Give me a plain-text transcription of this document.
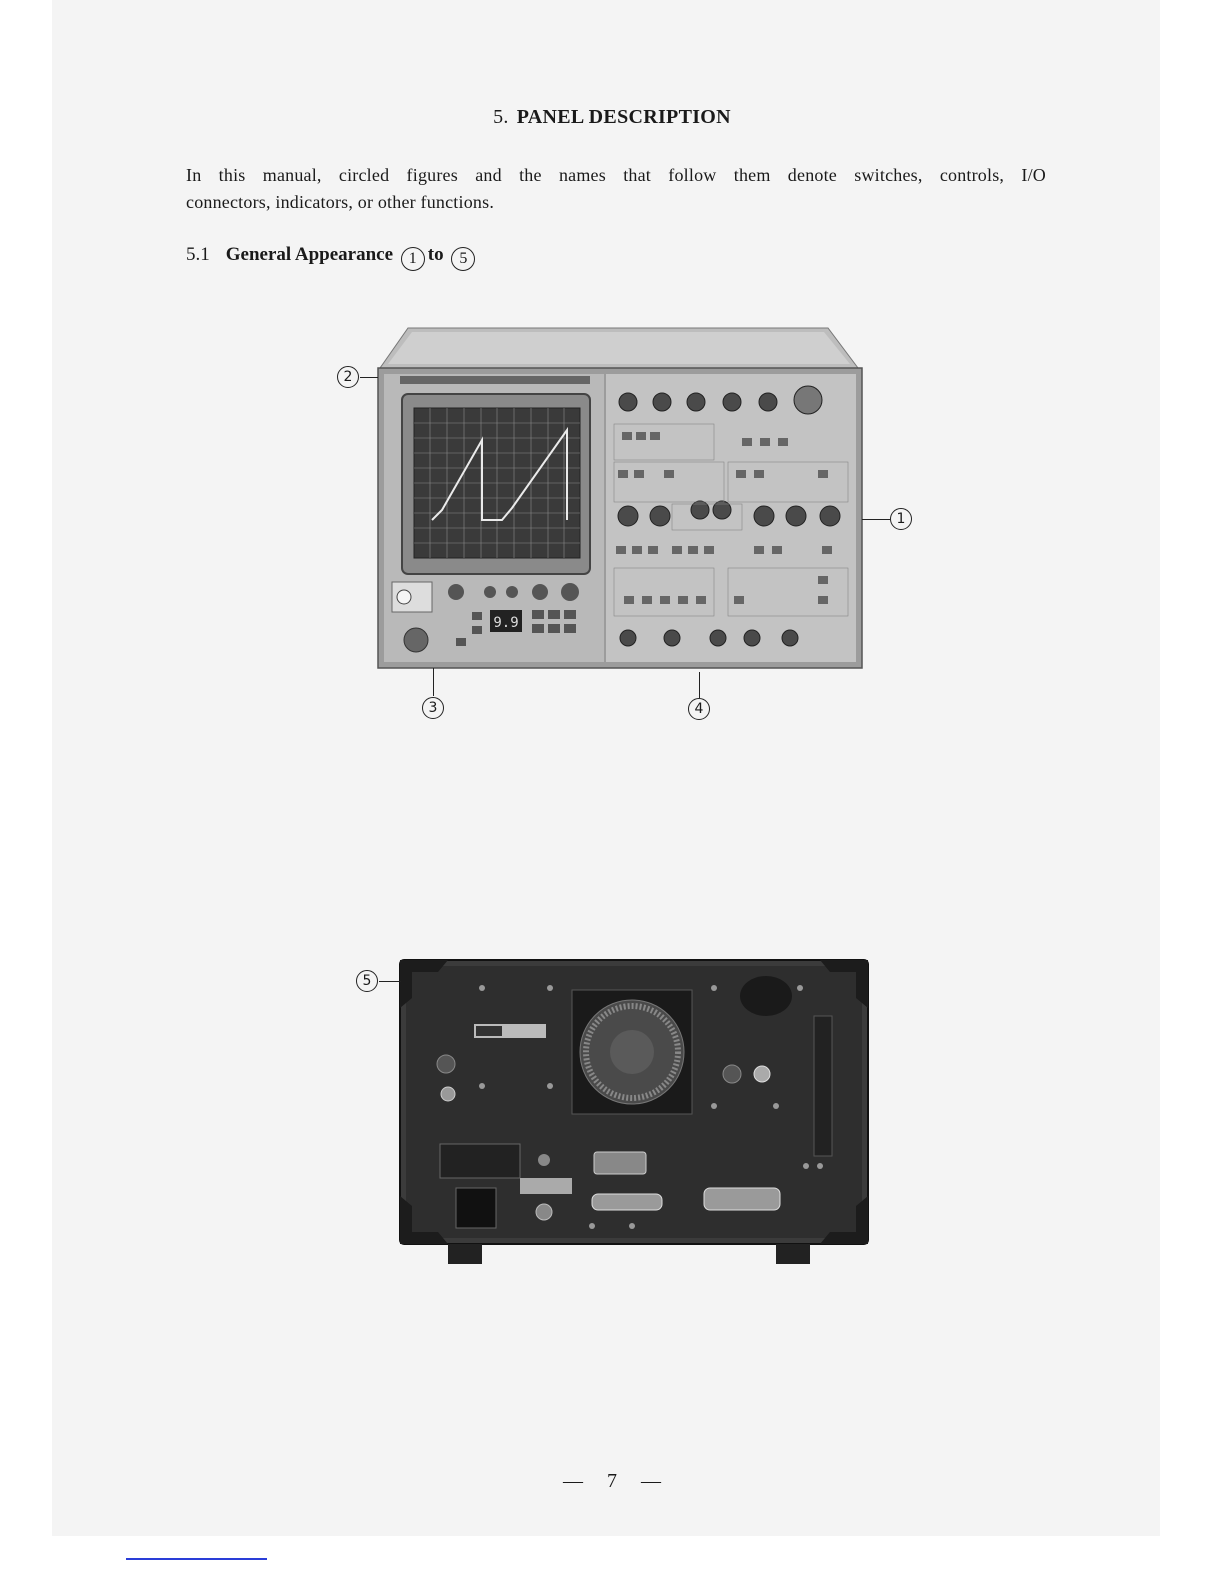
5. PANEL DESCRIPTION
In this manual, circled figures and the names that follow them denote switches, controls, I/O
connectors, indicators, or other functions.
5.1 General Appearance 1 to 5
9.9
2
1
3	4
5
— 7 —
